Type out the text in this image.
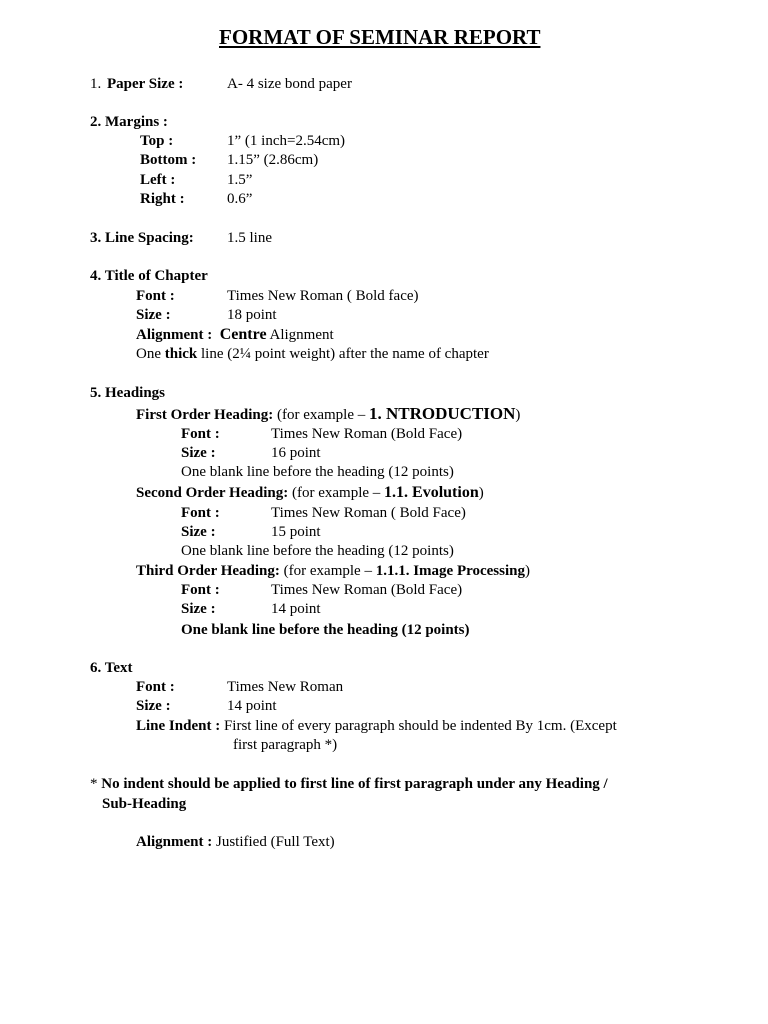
FORMAT OF SEMINAR REPORT
1. Paper Size :	A- 4 size bond paper
2. Margins :
Top :	1” (1 inch=2.54cm)
Bottom : 1.15” (2.86cm)
Left :	1.5”
Right :	0.6”
3. Line Spacing: 1.5 line
4. Title of Chapter
Font :	Times New Roman ( Bold face)
Size :	18 point
Alignment : Centre Alignment
One thick line (2¼ point weight) after the name of chapter
5. Headings
First Order Heading: (for example – 1. NTRODUCTION)
Font :	Times New Roman (Bold Face)
Size :	16 point
One blank line before the heading (12 points)
Second Order Heading: (for example – 1.1. Evolution)
Font :	Times New Roman ( Bold Face)
Size :	15 point
One blank line before the heading (12 points)
Third Order Heading: (for example – 1.1.1. Image Processing)
Font :	Times New Roman (Bold Face)
Size :	14 point
One blank line before the heading (12 points)
6. Text
Font :	Times New Roman
Size :	14 point
Line Indent : First line of every paragraph should be indented By 1cm. (Except
first paragraph *)
* No indent should be applied to first line of first paragraph under any Heading /
Sub-Heading
Alignment : Justified (Full Text)
